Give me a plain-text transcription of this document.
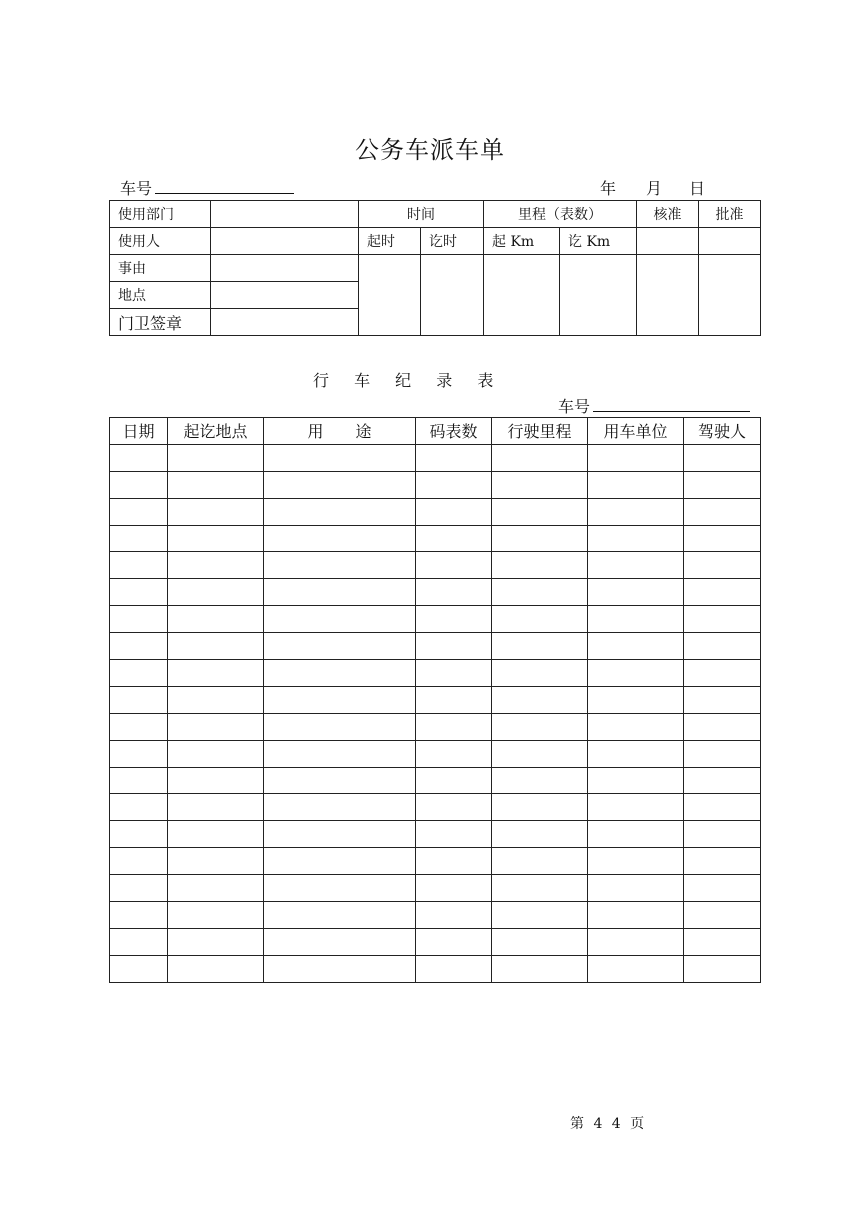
公务车派车单
车号	年 月 日
使用部门		时间		里程（表数）		核准	批准
使用人		起时	讫时	起 Km	讫 Km		
事由							
地点							
门卫签章							
行 车 纪 录 表
车号
日期	起讫地点	用　　途	码表数	行驶里程	用车单位	驾驶人

第 4 4 页
